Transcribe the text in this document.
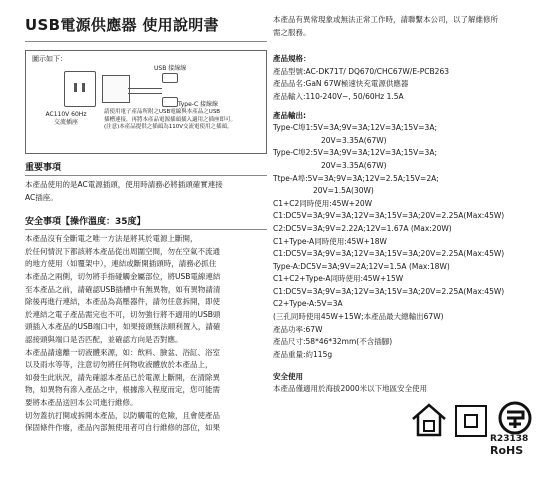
USB電源供應器 使用說明書
圖示如下：
USB 接線線
Type-C 接線線
AC110V 60Hz
交流插座
請使用電子產品所附之USB電線與本產品之USB
插槽連接，再將本產品電源插頭插入適用之插座即可。
(注意)本產品提供之插頭為110V交流電使用之插頭。
重要事項

本產品使用的是AC電源插頭，使用時請務必將插頭確實連接
AC插座。

安全事項【操作溫度：35度】
本產品沒有全斷電之唯一方法是將其於電源上斷開，
於任何情況下都該將本產品從出周圍空間，勿在空氣不流通
的地方使用（如覆架中），連結或斷開插頭時，請務必抓住
本產品之兩側，切勿將手指碰觸金屬部位，將USB電線連結
至本產品之前，請確認USB插槽中有無異物，如有異物請清
除後再進行連結，本產品為高壓器件，請勿任意拆開，即使
於連結之電子產品需完也不可，切勿強行將不適用的USB頭
頭插入本產品的USB端口中，如果接頭無法順利置入，請確
認接頭與端口是否匹配，並確認方向是否對應。
本產品請遠離一切液體來源，如：飲料、臉盆、浴缸、浴室
以及雨水等等，注意切勿將任何物收液體放於本產品上，
如發生此狀況，請先確認本產品已於電源上斷開，在清除異
物，如異物有滲入產品之中，根據滲入程度而定，您可能需
要將本產品送回本公司進行維修。
切勿蓋抗打開或拆開本產品，以防觸電的危險，且會使產品
保固條件作廢，產品內部無使用者可自行維修的部位，如果
本產品有異常現象或無法正常工作時，請聯繫本公司，以了解維修所
需之服務。
產品規格：
產品型號:AC-DK71T/ DQ670/CHC67W/E-PCB263
產品品名:GaN 67W極速快充電源供應器
產品輸入:110-240V~, 50/60Hz 1.5A
產品輸出:
Type-C埠1:5V=3A;9V=3A;12V=3A;15V=3A;
20V=3.35A(67W)
Type-C埠2:5V=3A;9V=3A;12V=3A;15V=3A;
20V=3.35A(67W)
Ttpe-A埠:5V=3A;9V=3A;12V=2.5A;15V=2A;
20V=1.5A(30W)
C1+C2同時使用:45W+20W
C1:DC5V=3A;9V=3A;12V=3A;15V=3A;20V=2.25A(Max:45W)
C2:DC5V=3A;9V=2.22A;12V=1.67A (Max:20W)
C1+Type-A同時使用:45W+18W
C1:DC5V=3A;9V=3A;12V=3A;15V=3A;20V=2.25A(Max:45W)
Type-A:DC5V=3A;9V=2A;12V=1.5A (Max:18W)
C1+C2+Type-A同時使用:45W+15W
C1:DC5V=3A;9V=3A;12V=3A;15V=3A;20V=2.25A(Max:45W)
C2+Type-A:5V=3A
(三孔同時使用45W+15W;本產品最大總輸出67W)
產品功率:67W
產品尺寸:58*46*32mm(不含插腳)
產品重量:約115g
安全使用
本產品僅適用於海拔2000米以下地區安全使用
R23138
RoHS
